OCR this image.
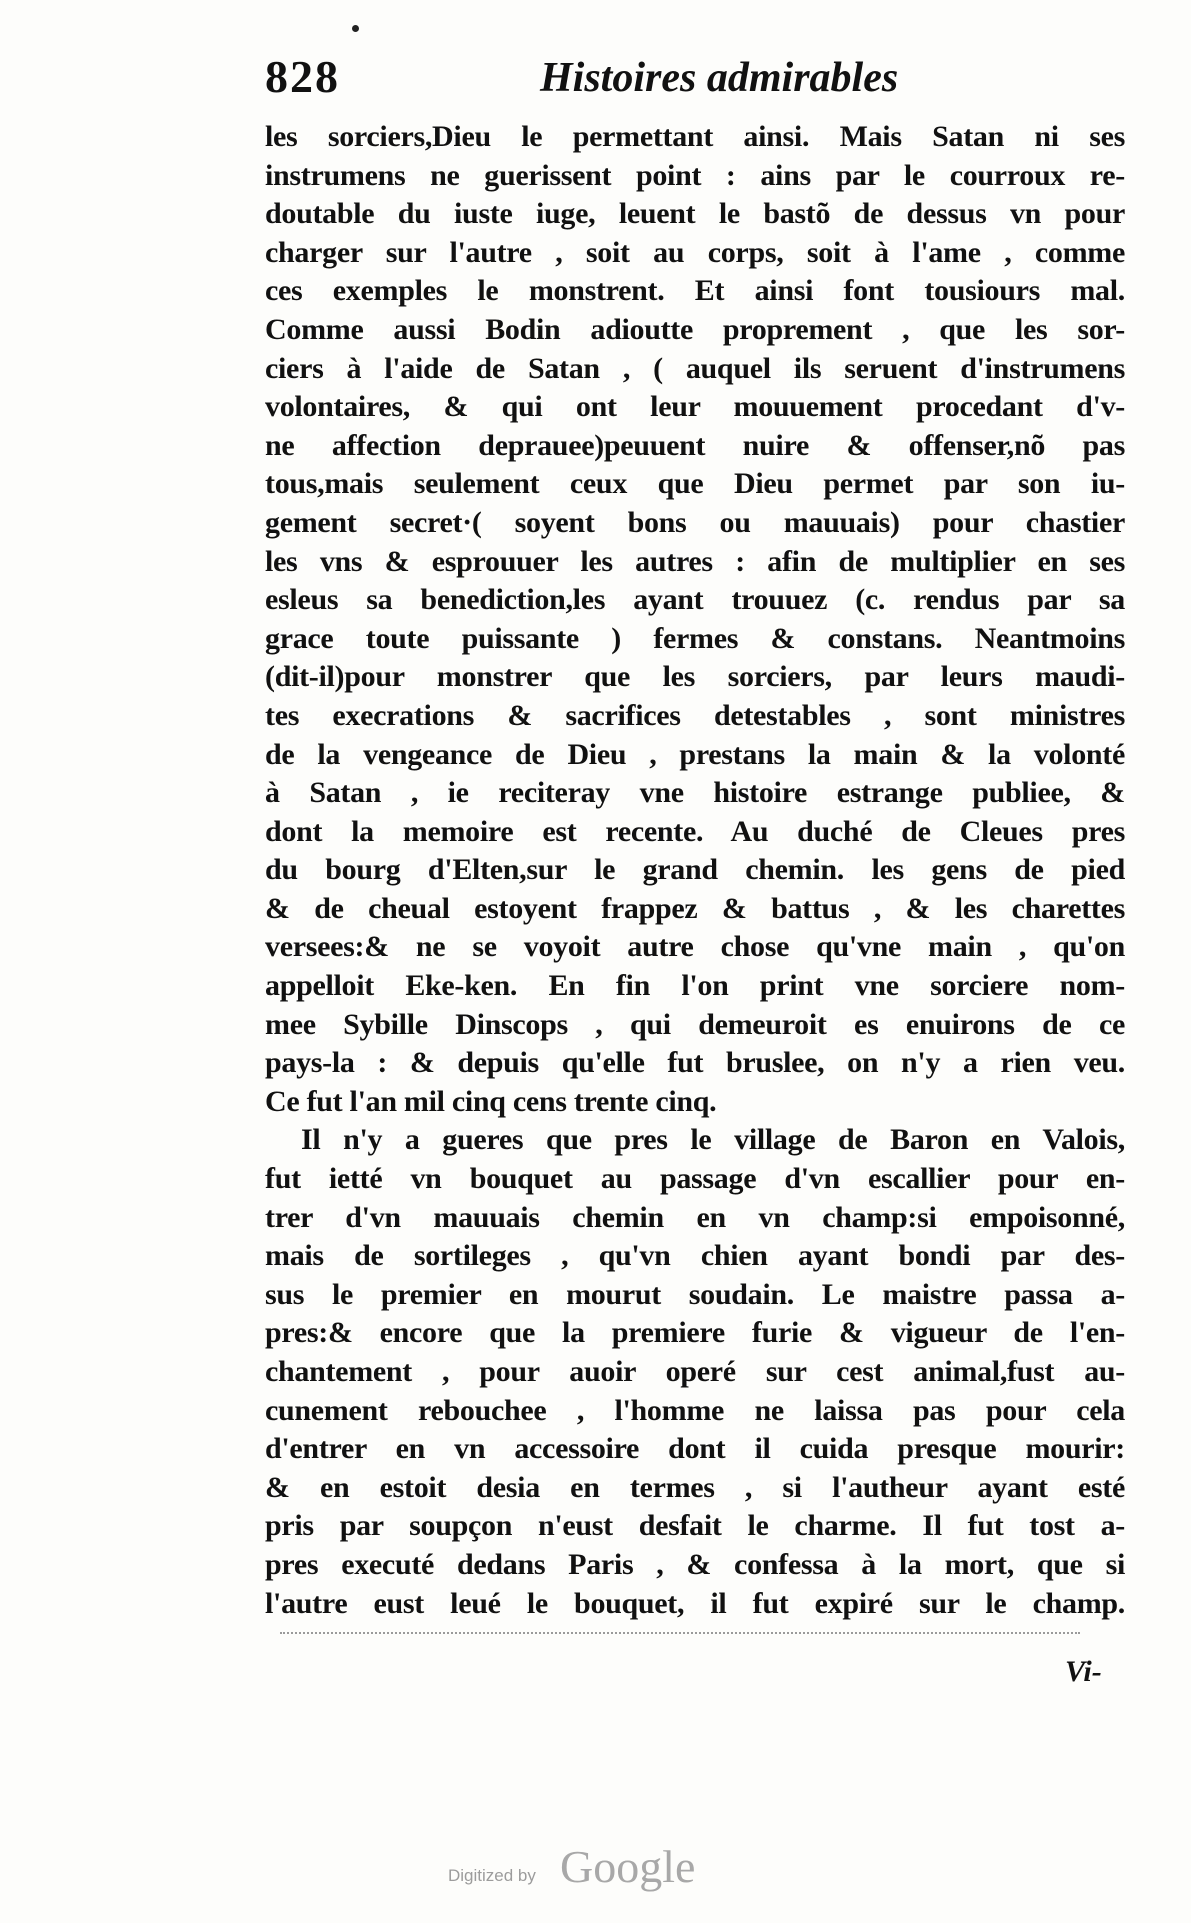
828	Histoires admirables
les sorciers,Dieu le permettant ainsi. Mais Satan ni ses
instrumens ne guerissent point : ains par le courroux re-
doutable du iuste iuge, leuent le bastõ de dessus vn pour
charger sur l'autre , soit au corps, soit à l'ame , comme
ces exemples le monstrent. Et ainsi font tousiours mal.
Comme aussi Bodin adioutte proprement , que les sor-
ciers à l'aide de Satan , ( auquel ils seruent d'instrumens
volontaires, & qui ont leur mouuement procedant d'v-
ne affection deprauee)peuuent nuire & offenser,nõ pas
tous,mais seulement ceux que Dieu permet par son iu-
gement secret·( soyent bons ou mauuais) pour chastier
les vns & esprouuer les autres : afin de multiplier en ses
esleus sa benediction,les ayant trouuez (c. rendus par sa
grace toute puissante ) fermes & constans. Neantmoins
(dit-il)pour monstrer que les sorciers, par leurs maudi-
tes execrations & sacrifices detestables , sont ministres
de la vengeance de Dieu , prestans la main & la volonté
à Satan , ie reciteray vne histoire estrange publiee, &
dont la memoire est recente. Au duché de Cleues pres
du bourg d'Elten,sur le grand chemin. les gens de pied
& de cheual estoyent frappez & battus , & les charettes
versees:& ne se voyoit autre chose qu'vne main , qu'on
appelloit Eke-ken. En fin l'on print vne sorciere nom-
mee Sybille Dinscops , qui demeuroit es enuirons de ce
pays-la : & depuis qu'elle fut bruslee, on n'y a rien veu.
Ce fut l'an mil cinq cens trente cinq.
Il n'y a gueres que pres le village de Baron en Valois,
fut ietté vn bouquet au passage d'vn escallier pour en-
trer d'vn mauuais chemin en vn champ:si empoisonné,
mais de sortileges , qu'vn chien ayant bondi par des-
sus le premier en mourut soudain. Le maistre passa a-
pres:& encore que la premiere furie & vigueur de l'en-
chantement , pour auoir operé sur cest animal,fust au-
cunement rebouchee , l'homme ne laissa pas pour cela
d'entrer en vn accessoire dont il cuida presque mourir:
& en estoit desia en termes , si l'autheur ayant esté
pris par soupçon n'eust desfait le charme. Il fut tost a-
pres executé dedans Paris , & confessa à la mort, que si
l'autre eust leué le bouquet, il fut expiré sur le champ.
Vi-
Digitized by Google
